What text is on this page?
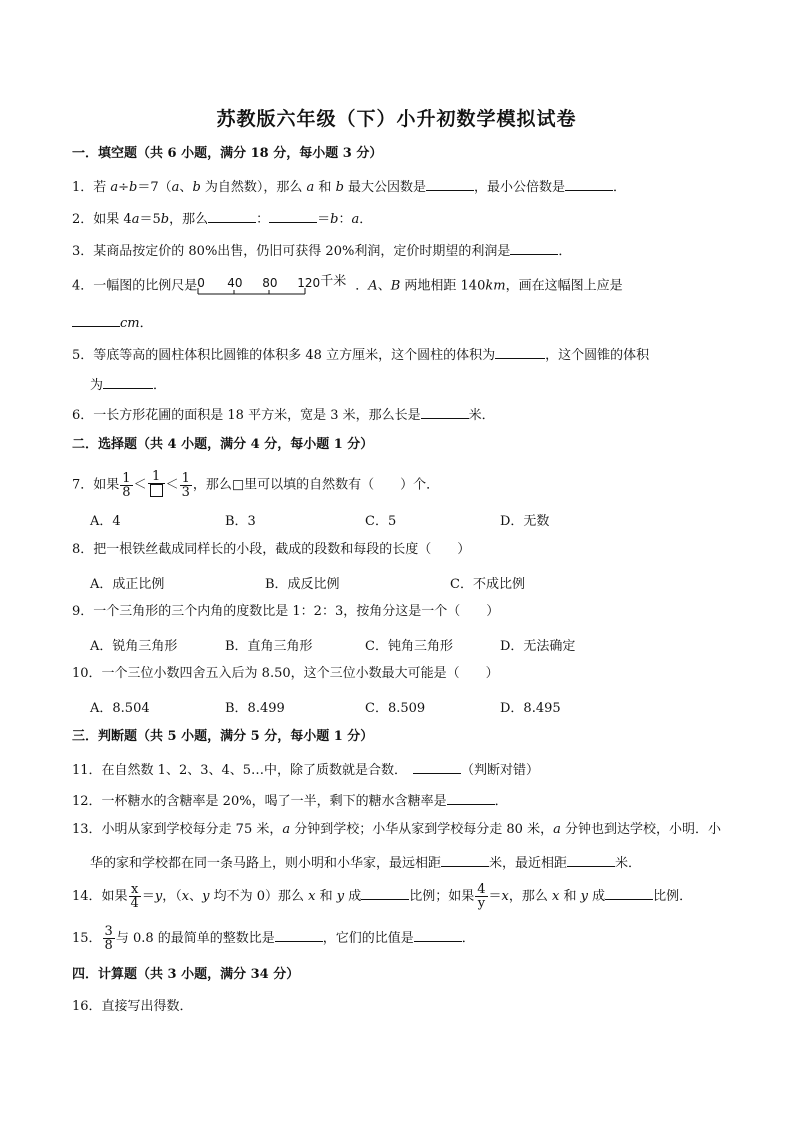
苏教版六年级（下）小升初数学模拟试卷
一．填空题（共 6 小题，满分 18 分，每小题 3 分）
1．若 a÷b＝7（a、b 为自然数），那么 a 和 b 最大公因数是	，最小公倍数是	．
2．如果 4a＝5b，那么	：	＝b：a．
3．某商品按定价的 80%出售，仍旧可获得 20%利润，定价时期望的利润是	．
4．一幅图的比例尺是 0 40 80 120 千米 ．A、B 两地相距 140km，画在这幅图上应是
cm．
5．等底等高的圆柱体积比圆锥的体积多 48 立方厘米，这个圆柱的体积为	，这个圆锥的体积
为	．
6．一长方形花圃的面积是 18 平方米，宽是 3 米，那么长是	米．
二．选择题（共 4 小题，满分 4 分，每小题 1 分）
7．如果 $\frac{1}{8}$ ＜
1
＜ $\frac{1}{3}$ ，那么□里可以填的自然数有（　　）个．
A．4	B．3	C．5	D．无数
8．把一根铁丝截成同样长的小段，截成的段数和每段的长度（　　）
A．成正比例	B．成反比例	C．不成比例
9．一个三角形的三个内角的度数比是 1：2：3，按角分这是一个（　　）
A．锐角三角形	B．直角三角形	C．钝角三角形	D．无法确定
10．一个三位小数四舍五入后为 8.50，这个三位小数最大可能是（　　）
A．8.504	B．8.499	C．8.509	D．8.495
三．判断题（共 5 小题，满分 5 分，每小题 1 分）
11．在自然数 1、2、3、4、5…中，除了质数就是合数．	（判断对错）
12．一杯糖水的含糖率是 20%，喝了一半，剩下的糖水含糖率是	．
13．小明从家到学校每分走 75 米，a 分钟到学校；小华从家到学校每分走 80 米，a 分钟也到达学校，小明．小
华的家和学校都在同一条马路上，则小明和小华家，最远相距	米，最近相距	米．
14．如果 $\frac{x}{4} =y$，（x、y 均不为 0）那么 x 和 y 成	比例；如果 $\frac{4}{y} =x$，那么 x 和 y 成	比例．
15． $\frac{3}{8}$ 与 0.8 的最简单的整数比是	，它们的比值是	．
四．计算题（共 3 小题，满分 34 分）
16．直接写出得数．
